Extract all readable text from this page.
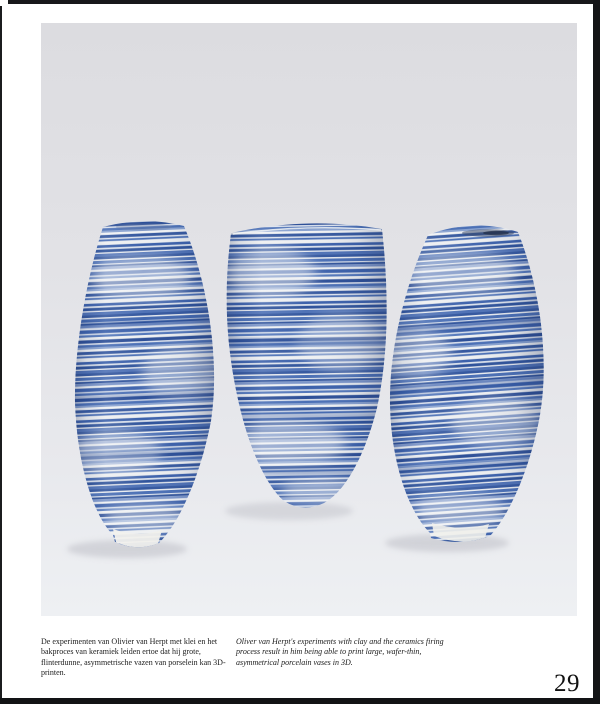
De experimenten van Olivier van Herpt met klei en het bakproces van keramiek leiden ertoe dat hij grote, flinterdunne, asymmetrische vazen van porselein kan 3D-printen.

Oliver van Herpt's experiments with clay and the ceramics firing process result in him being able to print large, wafer-thin, asymmetrical porcelain vases in 3D.

29
